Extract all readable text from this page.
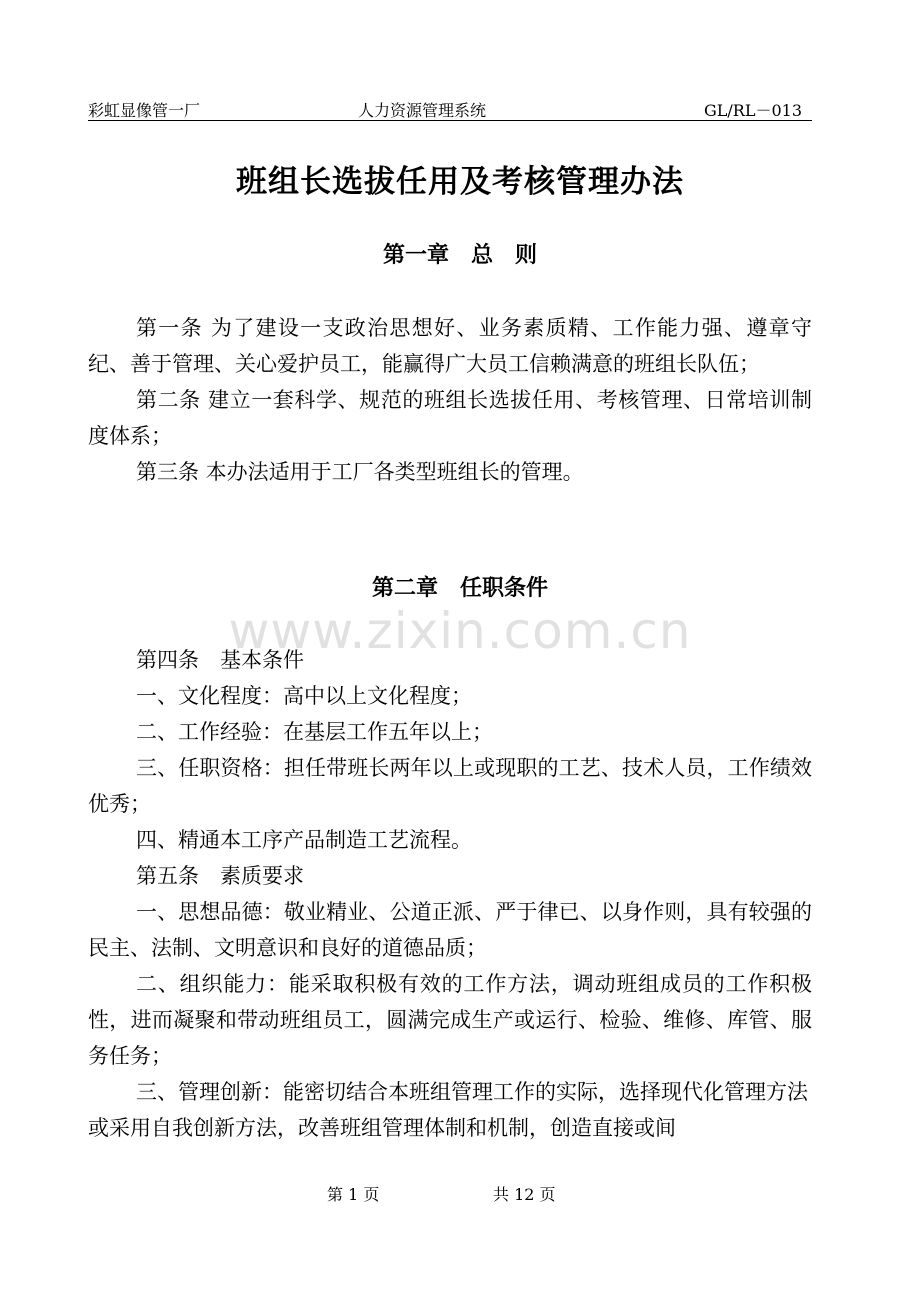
彩虹显像管一厂	人力资源管理系统	GL/RL－013
班组长选拔任用及考核管理办法
第一章　总　则

第一条 为了建设一支政治思想好、业务素质精、工作能力强、遵章守纪、善于管理、关心爱护员工，能赢得广大员工信赖满意的班组长队伍；

第二条 建立一套科学、规范的班组长选拔任用、考核管理、日常培训制度体系；

第三条 本办法适用于工厂各类型班组长的管理。

www.zixin.com.cn
第二章　任职条件

第四条　基本条件

一、文化程度：高中以上文化程度；

二、工作经验：在基层工作五年以上；

三、任职资格：担任带班长两年以上或现职的工艺、技术人员，工作绩效优秀；

四、精通本工序产品制造工艺流程。

第五条　素质要求

一、思想品德：敬业精业、公道正派、严于律已、以身作则，具有较强的民主、法制、文明意识和良好的道德品质；

二、组织能力：能采取积极有效的工作方法，调动班组成员的工作积极性，进而凝聚和带动班组员工，圆满完成生产或运行、检验、维修、库管、服务任务；

三、管理创新：能密切结合本班组管理工作的实际，选择现代化管理方法或采用自我创新方法，改善班组管理体制和机制，创造直接或间

第 1 页	共 12 页
